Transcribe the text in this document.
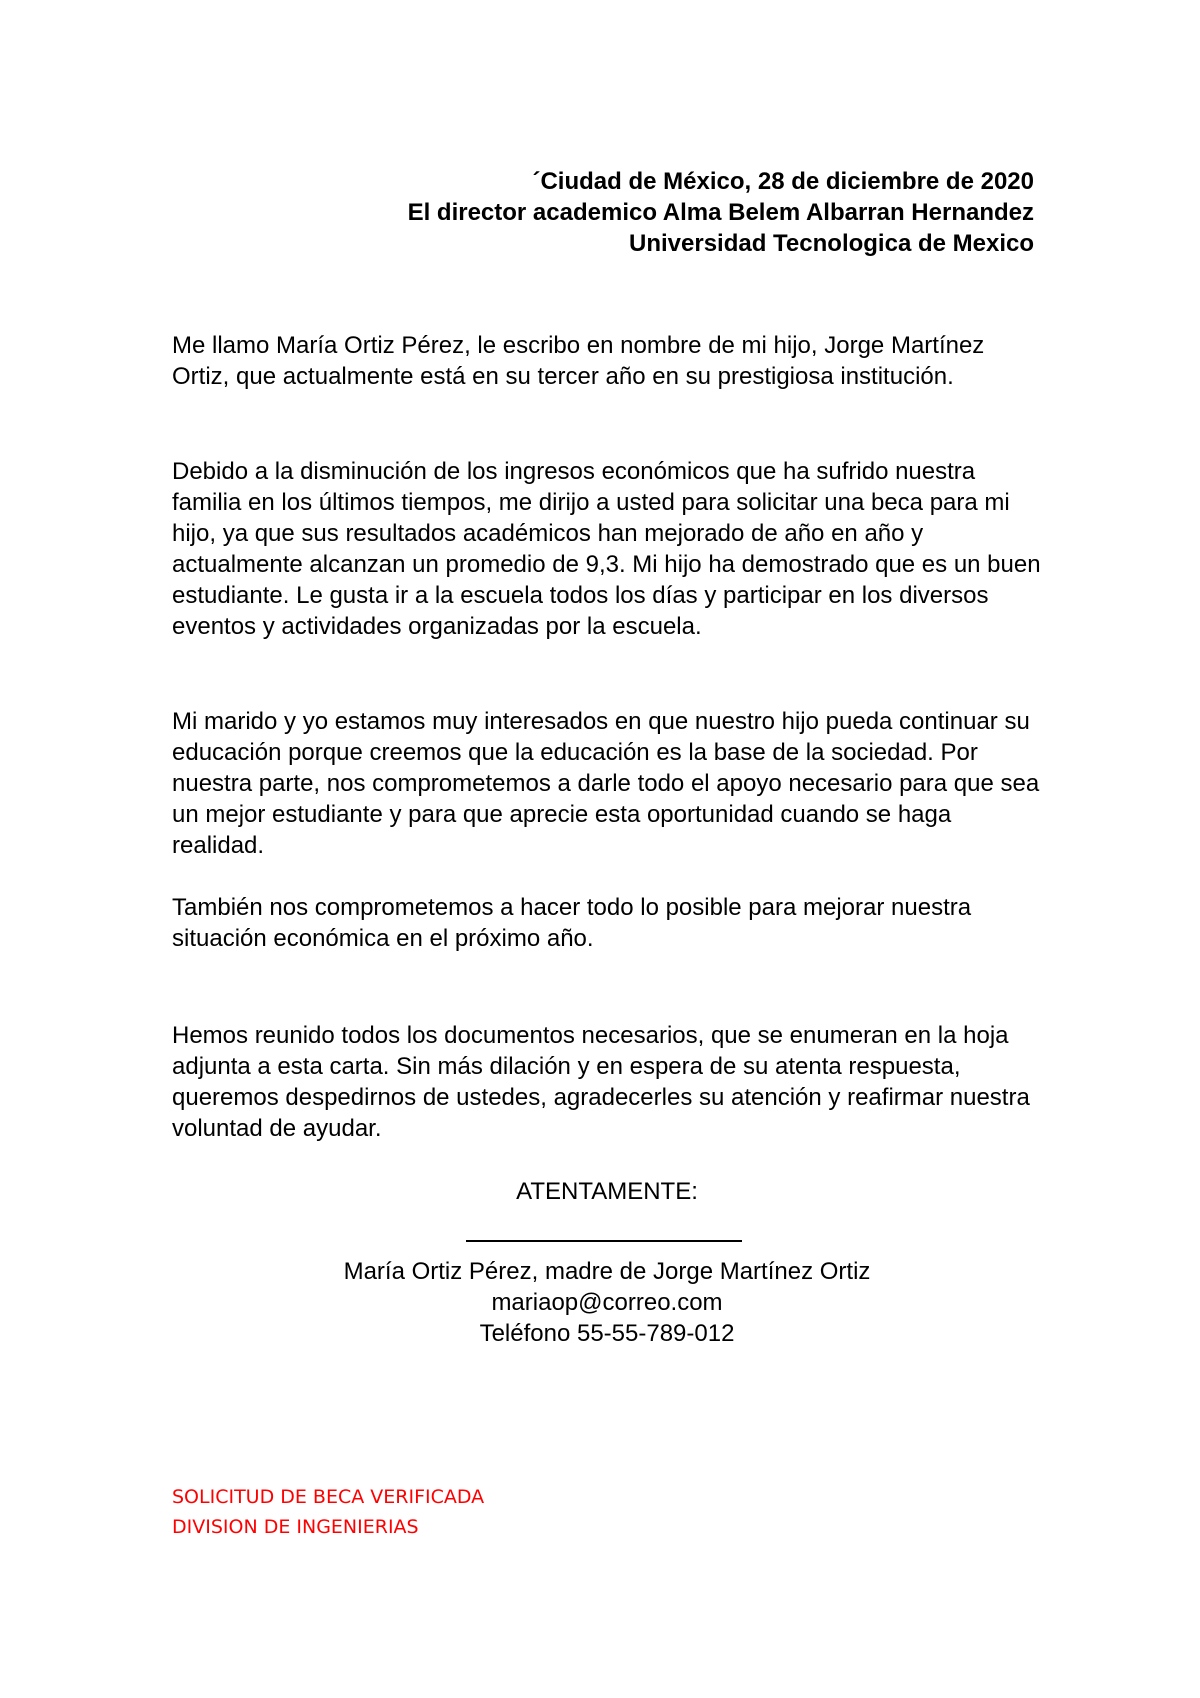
´Ciudad de México, 28 de diciembre de 2020
El director academico Alma Belem Albarran Hernandez
Universidad Tecnologica de Mexico

Me llamo María Ortiz Pérez, le escribo en nombre de mi hijo, Jorge Martínez Ortiz, que actualmente está en su tercer año en su prestigiosa institución.

Debido a la disminución de los ingresos económicos que ha sufrido nuestra familia en los últimos tiempos, me dirijo a usted para solicitar una beca para mi hijo, ya que sus resultados académicos han mejorado de año en año y actualmente alcanzan un promedio de 9,3. Mi hijo ha demostrado que es un buen estudiante. Le gusta ir a la escuela todos los días y participar en los diversos eventos y actividades organizadas por la escuela.

Mi marido y yo estamos muy interesados en que nuestro hijo pueda continuar su educación porque creemos que la educación es la base de la sociedad. Por nuestra parte, nos comprometemos a darle todo el apoyo necesario para que sea un mejor estudiante y para que aprecie esta oportunidad cuando se haga realidad.

También nos comprometemos a hacer todo lo posible para mejorar nuestra situación económica en el próximo año.

Hemos reunido todos los documentos necesarios, que se enumeran en la hoja adjunta a esta carta. Sin más dilación y en espera de su atenta respuesta, queremos despedirnos de ustedes, agradecerles su atención y reafirmar nuestra voluntad de ayudar.

ATENTAMENTE:
María Ortiz Pérez, madre de Jorge Martínez Ortiz
mariaop@correo.com
Teléfono 55-55-789-012
SOLICITUD DE BECA VERIFICADA
DIVISION DE INGENIERIAS
